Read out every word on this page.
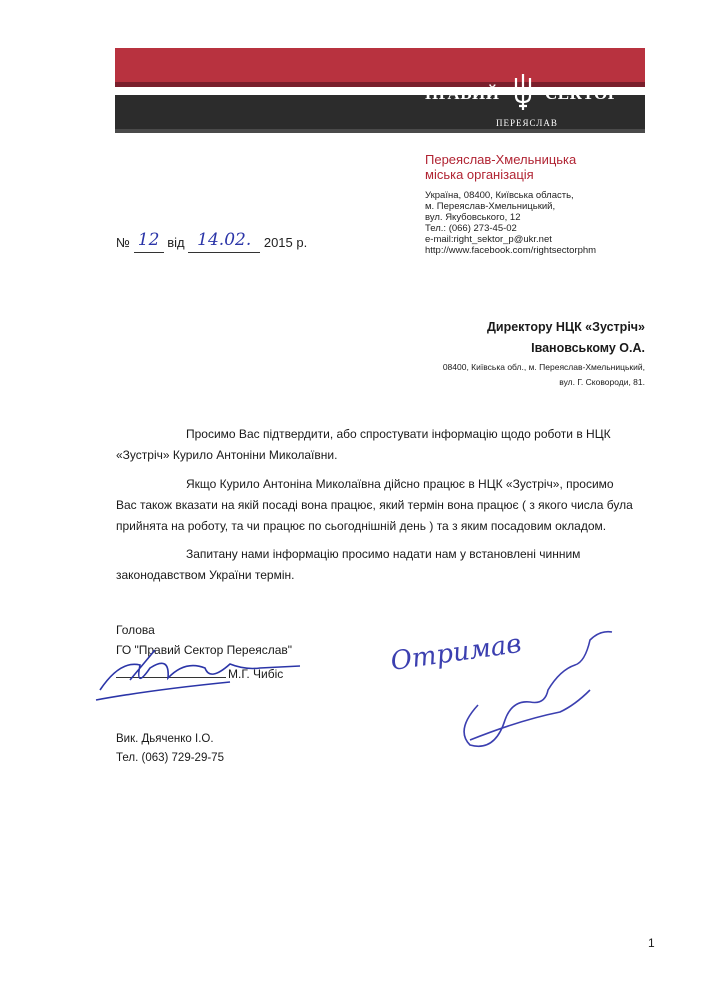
ПРАВИЙ	СЕКТОР
ПЕРЕЯСЛАВ
Переяслав-Хмельницька
міська організація
Україна, 08400, Київська область,
м. Переяслав-Хмельницький,
вул. Якубовського, 12
Тел.: (066) 273-45-02
e-mail:right_sektor_p@ukr.net
http://www.facebook.com/rightsectorphm
№ 12 від 14.02. 2015 р.
Директору НЦК «Зустріч»
Івановському О.А.
08400, Київська обл., м. Переяслав-Хмельницький,
вул. Г. Сковороди, 81.
Просимо Вас підтвердити, або спростувати інформацію щодо роботи в НЦК «Зустріч» Курило Антоніни Миколаївни.
Якщо Курило Антоніна Миколаївна дійсно працює в НЦК «Зустріч», просимо Вас також вказати на якій посаді вона працює, який термін вона працює ( з якого числа була прийнята на роботу, та чи працює по сьогоднішній день ) та з яким посадовим окладом.
Запитану нами інформацію просимо надати нам у встановлені чинним законодавством України термін.
Голова
ГО "Правий Сектор Переяслав"
М.Г. Чибіс	Отримав
Вик. Дьяченко І.О.
Тел. (063) 729-29-75
1
